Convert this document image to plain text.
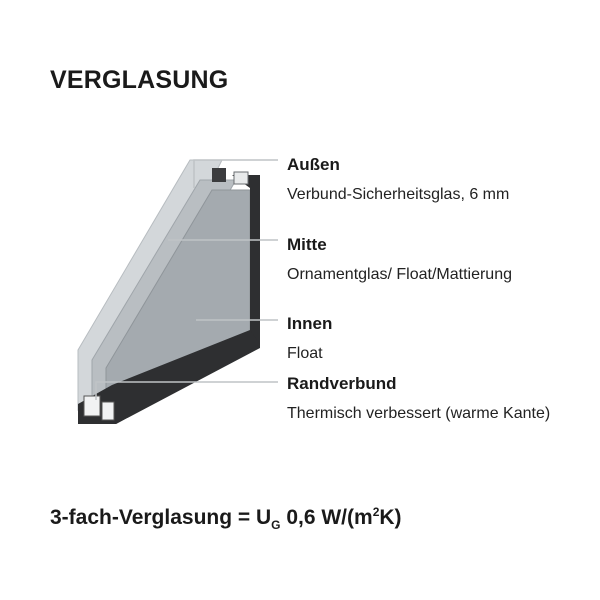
VERGLASUNG
Außen
Verbund-Sicherheitsglas, 6 mm
Mitte
Ornamentglas/ Float/Mattierung
Innen
Float
Randverbund
Thermisch verbessert (warme Kante)
3-fach-Verglasung = $U_G$ 0,6 $W/(m^2K)$
